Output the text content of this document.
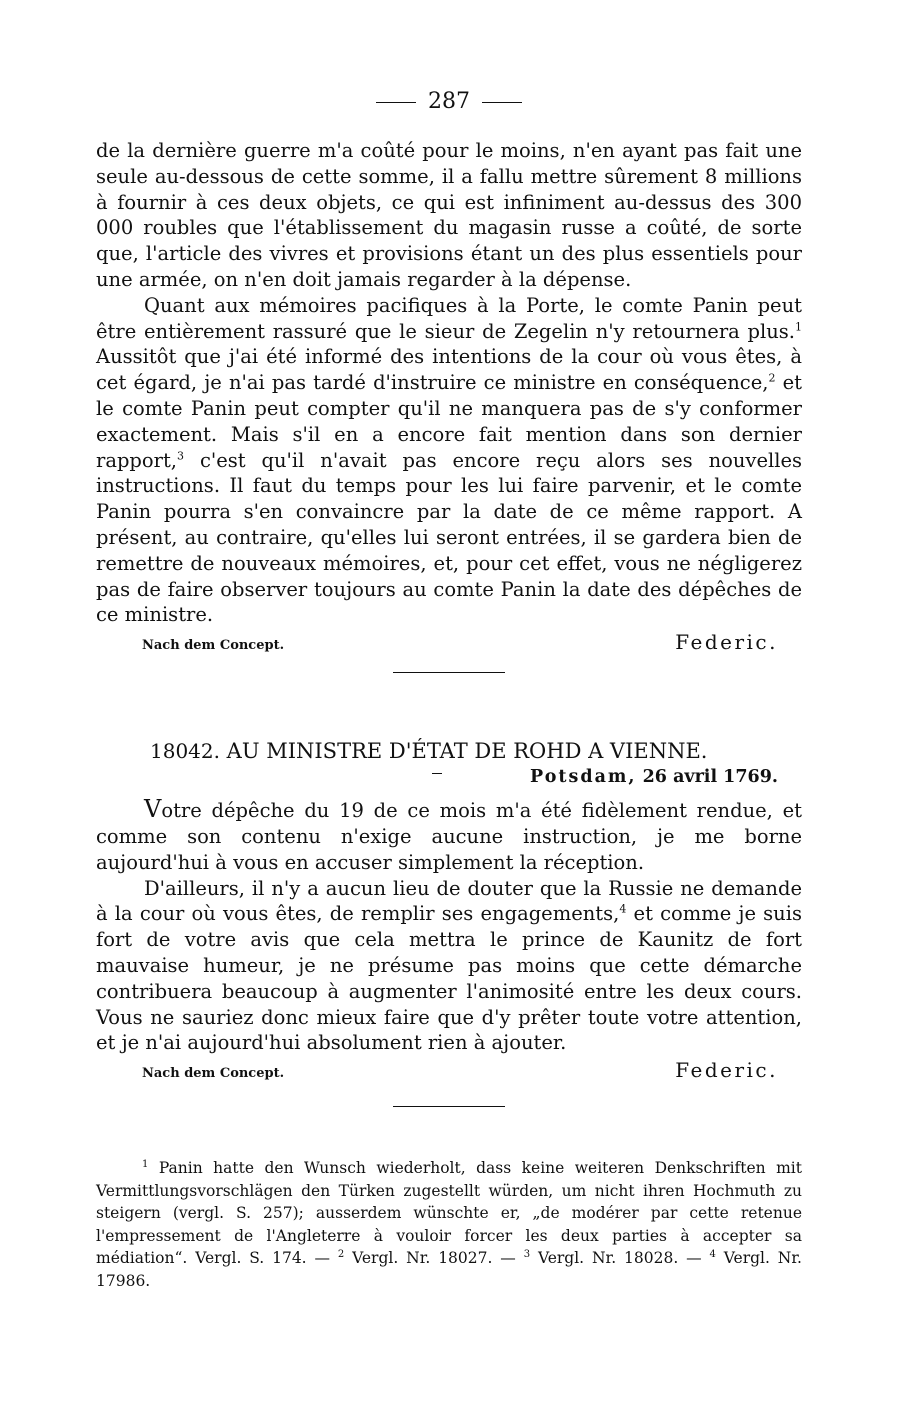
287

de la dernière guerre m'a coûté pour le moins, n'en ayant pas fait une seule au-dessous de cette somme, il a fallu mettre sûrement 8 millions à fournir à ces deux objets, ce qui est infiniment au-dessus des 300 000 roubles que l'établissement du magasin russe a coûté, de sorte que, l'article des vivres et provisions étant un des plus essentiels pour une armée, on n'en doit jamais regarder à la dépense.

Quant aux mémoires pacifiques à la Porte, le comte Panin peut être entièrement rassuré que le sieur de Zegelin n'y retournera plus.$^1$ Aussitôt que j'ai été informé des intentions de la cour où vous êtes, à cet égard, je n'ai pas tardé d'instruire ce ministre en conséquence,$^2$ et le comte Panin peut compter qu'il ne manquera pas de s'y conformer exactement. Mais s'il en a encore fait mention dans son dernier rapport,$^3$ c'est qu'il n'avait pas encore reçu alors ses nouvelles instructions. Il faut du temps pour les lui faire parvenir, et le comte Panin pourra s'en convaincre par la date de ce même rapport. A présent, au contraire, qu'elles lui seront entrées, il se gardera bien de remettre de nouveaux mémoires, et, pour cet effet, vous ne négligerez pas de faire observer toujours au comte Panin la date des dépêches de ce ministre.

Nach dem Concept.	Federic.
18042. AU MINISTRE D'ÉTAT DE ROHD A VIENNE.
Potsdam, 26 avril 1769.

Votre dépêche du 19 de ce mois m'a été fidèlement rendue, et comme son contenu n'exige aucune instruction, je me borne aujourd'hui à vous en accuser simplement la réception.

D'ailleurs, il n'y a aucun lieu de douter que la Russie ne demande à la cour où vous êtes, de remplir ses engagements,$^4$ et comme je suis fort de votre avis que cela mettra le prince de Kaunitz de fort mauvaise humeur, je ne présume pas moins que cette démarche contribuera beaucoup à augmenter l'animosité entre les deux cours. Vous ne sauriez donc mieux faire que d'y prêter toute votre attention, et je n'ai aujourd'hui absolument rien à ajouter.

Nach dem Concept.	Federic.

$^1$ Panin hatte den Wunsch wiederholt, dass keine weiteren Denkschriften mit Vermittlungsvorschlägen den Türken zugestellt würden, um nicht ihren Hochmuth zu steigern (vergl. S. 257); ausserdem wünschte er, „de modérer par cette retenue l'empressement de l'Angleterre à vouloir forcer les deux parties à accepter sa médiation“. Vergl. S. 174. — $^2$ Vergl. Nr. 18027. — $^3$ Vergl. Nr. 18028. — $^4$ Vergl. Nr. 17986.
